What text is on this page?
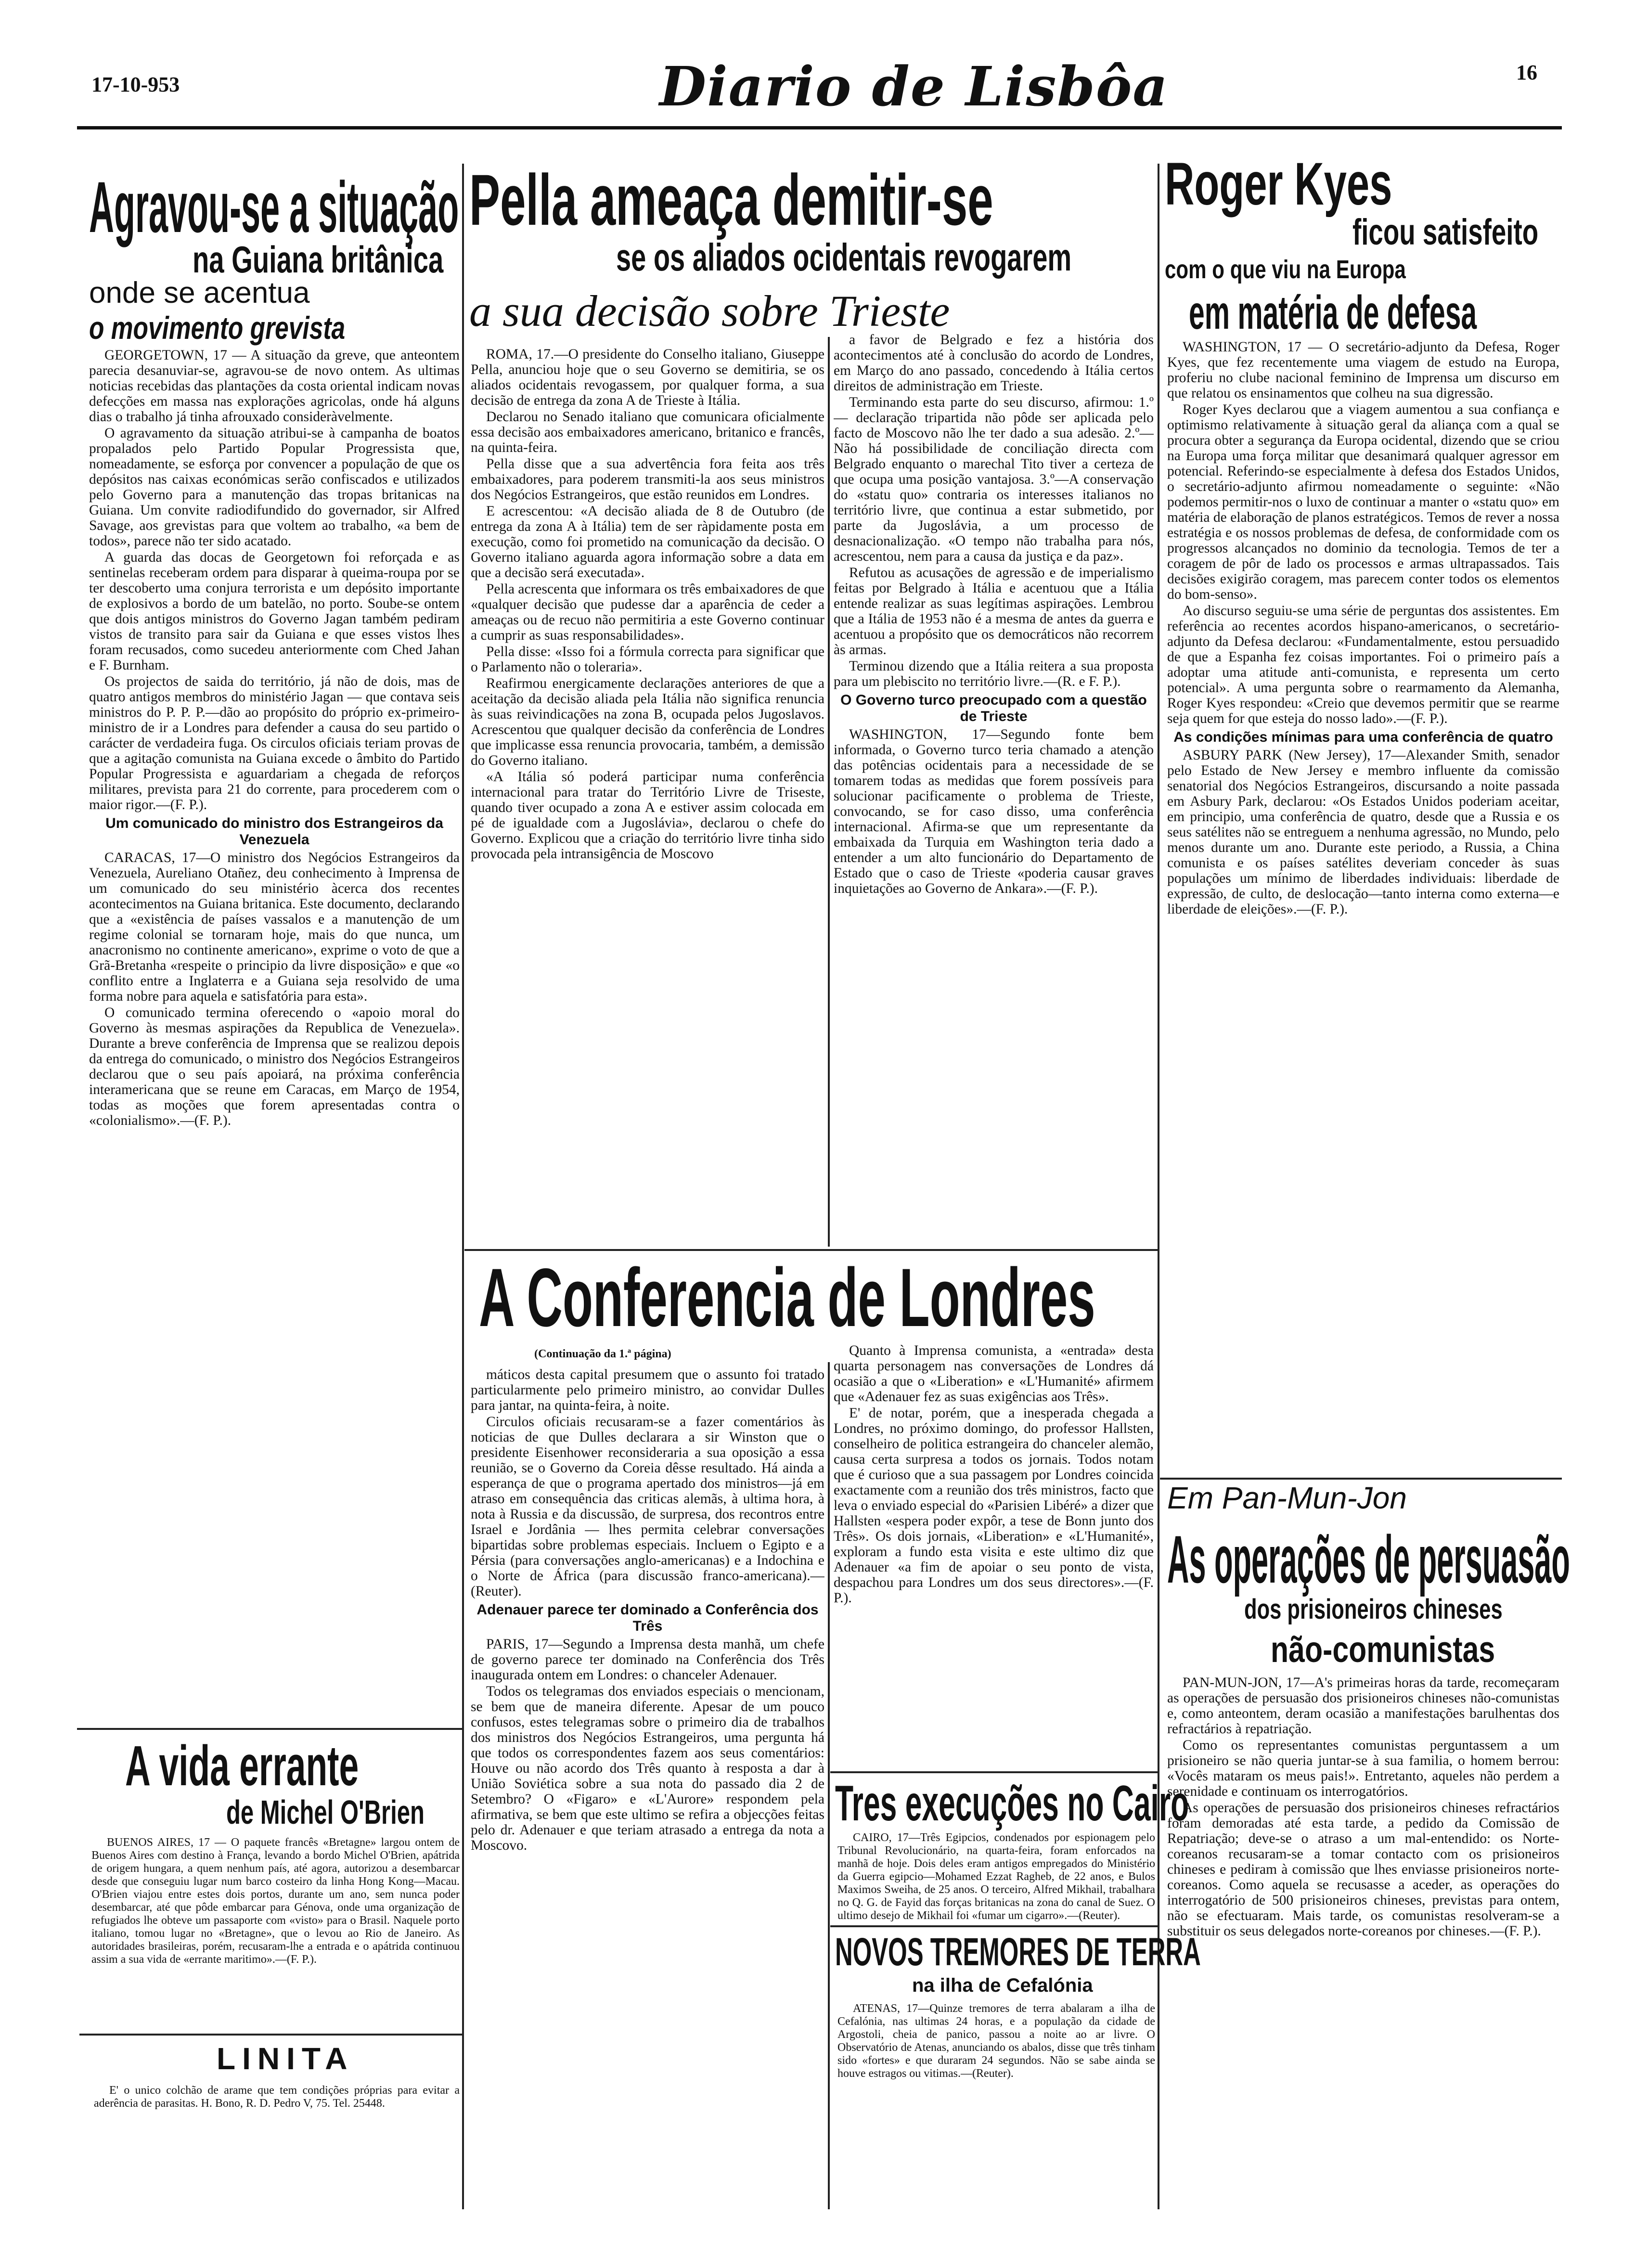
17-10-953	Diario de Lisbôa	16
Agravou-se a situação
na Guiana britânica
onde se acentua
o movimento grevista

GEORGETOWN, 17 — A situação da greve, que anteontem parecia desanuviar-se, agravou-se de novo ontem. As ultimas noticias recebidas das plantações da costa oriental indicam novas defecções em massa nas explorações agricolas, onde há alguns dias o trabalho já tinha afrouxado consideràvelmente.

O agravamento da situação atribui-se à campanha de boatos propalados pelo Partido Popular Progressista que, nomeadamente, se esforça por convencer a população de que os depósitos nas caixas económicas serão confiscados e utilizados pelo Governo para a manutenção das tropas britanicas na Guiana. Um convite radiodifundido do governador, sir Alfred Savage, aos grevistas para que voltem ao trabalho, «a bem de todos», parece não ter sido acatado.

A guarda das docas de Georgetown foi reforçada e as sentinelas receberam ordem para disparar à queima-roupa por se ter descoberto uma conjura terrorista e um depósito importante de explosivos a bordo de um batelão, no porto. Soube-se ontem que dois antigos ministros do Governo Jagan também pediram vistos de transito para sair da Guiana e que esses vistos lhes foram recusados, como sucedeu anteriormente com Ched Jahan e F. Burnham.

Os projectos de saida do território, já não de dois, mas de quatro antigos membros do ministério Jagan — que contava seis ministros do P. P. P.—dão ao propósito do próprio ex-primeiro-ministro de ir a Londres para defender a causa do seu partido o carácter de verdadeira fuga. Os circulos oficiais teriam provas de que a agitação comunista na Guiana excede o âmbito do Partido Popular Progressista e aguardariam a chegada de reforços militares, prevista para 21 do corrente, para procederem com o maior rigor.—(F. P.).

Um comunicado do ministro dos Estrangeiros da Venezuela

CARACAS, 17—O ministro dos Negócios Estrangeiros da Venezuela, Aureliano Otañez, deu conhecimento à Imprensa de um comunicado do seu ministério àcerca dos recentes acontecimentos na Guiana britanica. Este documento, declarando que a «existência de países vassalos e a manutenção de um regime colonial se tornaram hoje, mais do que nunca, um anacronismo no continente americano», exprime o voto de que a Grã-Bretanha «respeite o principio da livre disposição» e que «o conflito entre a Inglaterra e a Guiana seja resolvido de uma forma nobre para aquela e satisfatória para esta».

O comunicado termina oferecendo o «apoio moral do Governo às mesmas aspirações da Republica de Venezuela». Durante a breve conferência de Imprensa que se realizou depois da entrega do comunicado, o ministro dos Negócios Estrangeiros declarou que o seu país apoiará, na próxima conferência interamericana que se reune em Caracas, em Março de 1954, todas as moções que forem apresentadas contra o «colonialismo».—(F. P.).

A vida errante
de Michel O'Brien

BUENOS AIRES, 17 — O paquete francês «Bretagne» largou ontem de Buenos Aires com destino à França, levando a bordo Michel O'Brien, apátrida de origem hungara, a quem nenhum país, até agora, autorizou a desembarcar desde que conseguiu lugar num barco costeiro da linha Hong Kong—Macau. O'Brien viajou entre estes dois portos, durante um ano, sem nunca poder desembarcar, até que pôde embarcar para Génova, onde uma organização de refugiados lhe obteve um passaporte com «visto» para o Brasil. Naquele porto italiano, tomou lugar no «Bretagne», que o levou ao Rio de Janeiro. As autoridades brasileiras, porém, recusaram-lhe a entrada e o apátrida continuou assim a sua vida de «errante maritimo».—(F. P.).

LINITA

E' o unico colchão de arame que tem condições próprias para evitar a aderência de parasitas. H. Bono, R. D. Pedro V, 75. Tel. 25448.

Pella ameaça demitir-se
se os aliados ocidentais revogarem
a sua decisão sobre Trieste

ROMA, 17.—O presidente do Conselho italiano, Giuseppe Pella, anunciou hoje que o seu Governo se demitiria, se os aliados ocidentais revogassem, por qualquer forma, a sua decisão de entrega da zona A de Trieste à Itália.

Declarou no Senado italiano que comunicara oficialmente essa decisão aos embaixadores americano, britanico e francês, na quinta-feira.

Pella disse que a sua advertência fora feita aos três embaixadores, para poderem transmiti-la aos seus ministros dos Negócios Estrangeiros, que estão reunidos em Londres.

E acrescentou: «A decisão aliada de 8 de Outubro (de entrega da zona A à Itália) tem de ser ràpidamente posta em execução, como foi prometido na comunicação da decisão. O Governo italiano aguarda agora informação sobre a data em que a decisão será executada».

Pella acrescenta que informara os três embaixadores de que «qualquer decisão que pudesse dar a aparência de ceder a ameaças ou de recuo não permitiria a este Governo continuar a cumprir as suas responsabilidades».

Pella disse: «Isso foi a fórmula correcta para significar que o Parlamento não o toleraria».

Reafirmou energicamente declarações anteriores de que a aceitação da decisão aliada pela Itália não significa renuncia às suas reivindicações na zona B, ocupada pelos Jugoslavos. Acrescentou que qualquer decisão da conferência de Londres que implicasse essa renuncia provocaria, também, a demissão do Governo italiano.

«A Itália só poderá participar numa conferência internacional para tratar do Território Livre de Triseste, quando tiver ocupado a zona A e estiver assim colocada em pé de igualdade com a Jugoslávia», declarou o chefe do Governo. Explicou que a criação do território livre tinha sido provocada pela intransigência de Moscovo

a favor de Belgrado e fez a história dos acontecimentos até à conclusão do acordo de Londres, em Março do ano passado, concedendo à Itália certos direitos de administração em Trieste.

Terminando esta parte do seu discurso, afirmou: 1.º— declaração tripartida não pôde ser aplicada pelo facto de Moscovo não lhe ter dado a sua adesão. 2.º—Não há possibilidade de conciliação directa com Belgrado enquanto o marechal Tito tiver a certeza de que ocupa uma posição vantajosa. 3.º—A conservação do «statu quo» contraria os interesses italianos no território livre, que continua a estar submetido, por parte da Jugoslávia, a um processo de desnacionalização. «O tempo não trabalha para nós, acrescentou, nem para a causa da justiça e da paz».

Refutou as acusações de agressão e de imperialismo feitas por Belgrado à Itália e acentuou que a Itália entende realizar as suas legítimas aspirações. Lembrou que a Itália de 1953 não é a mesma de antes da guerra e acentuou a propósito que os democráticos não recorrem às armas.

Terminou dizendo que a Itália reitera a sua proposta para um plebiscito no território livre.—(R. e F. P.).

O Governo turco preocupado com a questão de Trieste

WASHINGTON, 17—Segundo fonte bem informada, o Governo turco teria chamado a atenção das potências ocidentais para a necessidade de se tomarem todas as medidas que forem possíveis para solucionar pacificamente o problema de Trieste, convocando, se for caso disso, uma conferência internacional. Afirma-se que um representante da embaixada da Turquia em Washington teria dado a entender a um alto funcionário do Departamento de Estado que o caso de Trieste «poderia causar graves inquietações ao Governo de Ankara».—(F. P.).

A Conferencia de Londres
(Continuação da 1.ª página)

máticos desta capital presumem que o assunto foi tratado particularmente pelo primeiro ministro, ao convidar Dulles para jantar, na quinta-feira, à noite.

Circulos oficiais recusaram-se a fazer comentários às noticias de que Dulles declarara a sir Winston que o presidente Eisenhower reconsideraria a sua oposição a essa reunião, se o Governo da Coreia dêsse resultado. Há ainda a esperança de que o programa apertado dos ministros—já em atraso em consequência das criticas alemãs, à ultima hora, à nota à Russia e da discussão, de surpresa, dos recontros entre Israel e Jordânia — lhes permita celebrar conversações bipartidas sobre problemas especiais. Incluem o Egipto e a Pérsia (para conversações anglo-americanas) e a Indochina e o Norte de África (para discussão franco-americana).—(Reuter).

Adenauer parece ter dominado a Conferência dos Três

PARIS, 17—Segundo a Imprensa desta manhã, um chefe de governo parece ter dominado na Conferência dos Três inaugurada ontem em Londres: o chanceler Adenauer.

Todos os telegramas dos enviados especiais o mencionam, se bem que de maneira diferente. Apesar de um pouco confusos, estes telegramas sobre o primeiro dia de trabalhos dos ministros dos Negócios Estrangeiros, uma pergunta há que todos os correspondentes fazem aos seus comentários: Houve ou não acordo dos Três quanto à resposta a dar à União Soviética sobre a sua nota do passado dia 2 de Setembro? O «Figaro» e «L'Aurore» respondem pela afirmativa, se bem que este ultimo se refira a objecções feitas pelo dr. Adenauer e que teriam atrasado a entrega da nota a Moscovo.

Quanto à Imprensa comunista, a «entrada» desta quarta personagem nas conversações de Londres dá ocasião a que o «Liberation» e «L'Humanité» afirmem que «Adenauer fez as suas exigências aos Três».

E' de notar, porém, que a inesperada chegada a Londres, no próximo domingo, do professor Hallsten, conselheiro de politica estrangeira do chanceler alemão, causa certa surpresa a todos os jornais. Todos notam que é curioso que a sua passagem por Londres coincida exactamente com a reunião dos três ministros, facto que leva o enviado especial do «Parisien Libéré» a dizer que Hallsten «espera poder expôr, a tese de Bonn junto dos Três». Os dois jornais, «Liberation» e «L'Humanité», exploram a fundo esta visita e este ultimo diz que Adenauer «a fim de apoiar o seu ponto de vista, despachou para Londres um dos seus directores».—(F. P.).

Tres execuções no Cairo

CAIRO, 17—Três Egipcios, condenados por espionagem pelo Tribunal Revolucionário, na quarta-feira, foram enforcados na manhã de hoje. Dois deles eram antigos empregados do Ministério da Guerra egipcio—Mohamed Ezzat Ragheb, de 22 anos, e Bulos Maximos Sweiha, de 25 anos. O terceiro, Alfred Mikhail, trabalhara no Q. G. de Fayid das forças britanicas na zona do canal de Suez. O ultimo desejo de Mikhail foi «fumar um cigarro».—(Reuter).

NOVOS TREMORES DE TERRA
na ilha de Cefalónia

ATENAS, 17—Quinze tremores de terra abalaram a ilha de Cefalónia, nas ultimas 24 horas, e a população da cidade de Argostoli, cheia de panico, passou a noite ao ar livre. O Observatório de Atenas, anunciando os abalos, disse que três tinham sido «fortes» e que duraram 24 segundos. Não se sabe ainda se houve estragos ou vitimas.—(Reuter).

Roger Kyes
ficou satisfeito
com o que viu na Europa
em matéria de defesa

WASHINGTON, 17 — O secretário-adjunto da Defesa, Roger Kyes, que fez recentemente uma viagem de estudo na Europa, proferiu no clube nacional feminino de Imprensa um discurso em que relatou os ensinamentos que colheu na sua digressão.

Roger Kyes declarou que a viagem aumentou a sua confiança e optimismo relativamente à situação geral da aliança com a qual se procura obter a segurança da Europa ocidental, dizendo que se criou na Europa uma força militar que desanimará qualquer agressor em potencial. Referindo-se especialmente à defesa dos Estados Unidos, o secretário-adjunto afirmou nomeadamente o seguinte: «Não podemos permitir-nos o luxo de continuar a manter o «statu quo» em matéria de elaboração de planos estratégicos. Temos de rever a nossa estratégia e os nossos problemas de defesa, de conformidade com os progressos alcançados no dominio da tecnologia. Temos de ter a coragem de pôr de lado os processos e armas ultrapassados. Tais decisões exigirão coragem, mas parecem conter todos os elementos do bom-senso».

Ao discurso seguiu-se uma série de perguntas dos assistentes. Em referência ao recentes acordos hispano-americanos, o secretário-adjunto da Defesa declarou: «Fundamentalmente, estou persuadido de que a Espanha fez coisas importantes. Foi o primeiro país a adoptar uma atitude anti-comunista, e representa um certo potencial». A uma pergunta sobre o rearmamento da Alemanha, Roger Kyes respondeu: «Creio que devemos permitir que se rearme seja quem for que esteja do nosso lado».—(F. P.).

As condições mínimas para uma conferência de quatro

ASBURY PARK (New Jersey), 17—Alexander Smith, senador pelo Estado de New Jersey e membro influente da comissão senatorial dos Negócios Estrangeiros, discursando a noite passada em Asbury Park, declarou: «Os Estados Unidos poderiam aceitar, em principio, uma conferência de quatro, desde que a Russia e os seus satélites não se entreguem a nenhuma agressão, no Mundo, pelo menos durante um ano. Durante este periodo, a Russia, a China comunista e os países satélites deveriam conceder às suas populações um mínimo de liberdades individuais: liberdade de expressão, de culto, de deslocação—tanto interna como externa—e liberdade de eleições».—(F. P.).

Em Pan-Mun-Jon
As operações de persuasão
dos prisioneiros chineses
não-comunistas

PAN-MUN-JON, 17—A's primeiras horas da tarde, recomeçaram as operações de persuasão dos prisioneiros chineses não-comunistas e, como anteontem, deram ocasião a manifestações barulhentas dos refractários à repatriação.

Como os representantes comunistas perguntassem a um prisioneiro se não queria juntar-se à sua familia, o homem berrou: «Vocês mataram os meus pais!». Entretanto, aqueles não perdem a serenidade e continuam os interrogatórios.

As operações de persuasão dos prisioneiros chineses refractários foram demoradas até esta tarde, a pedido da Comissão de Repatriação; deve-se o atraso a um mal-entendido: os Norte-coreanos recusaram-se a tomar contacto com os prisioneiros chineses e pediram à comissão que lhes enviasse prisioneiros norte-coreanos. Como aquela se recusasse a aceder, as operações do interrogatório de 500 prisioneiros chineses, previstas para ontem, não se efectuaram. Mais tarde, os comunistas resolveram-se a substituir os seus delegados norte-coreanos por chineses.—(F. P.).
